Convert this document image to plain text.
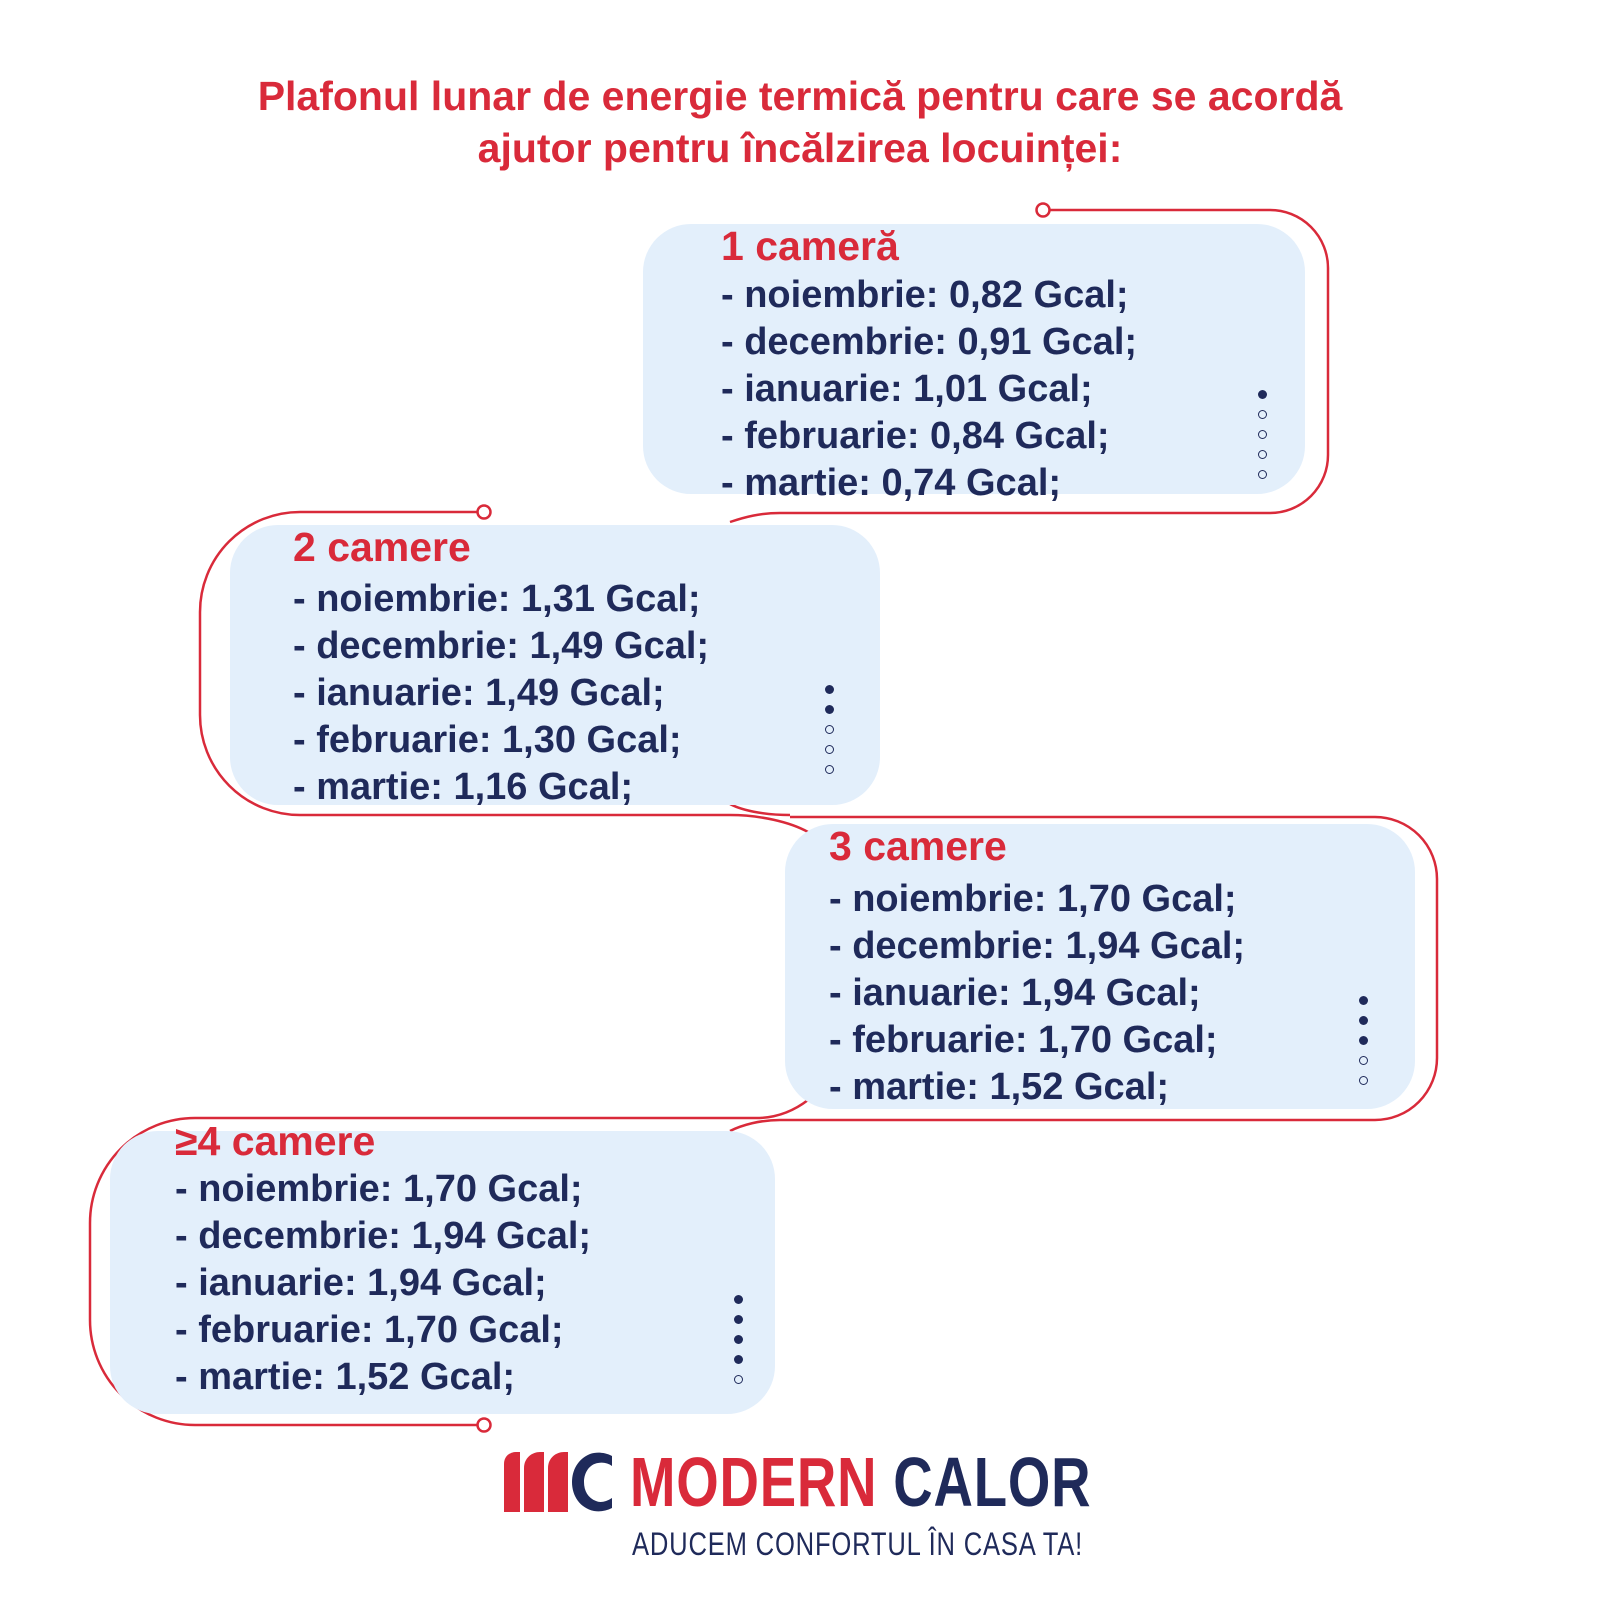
Plafonul lunar de energie termică pentru care se acordă
ajutor pentru încălzirea locuinței:
1 cameră
- noiembrie: 0,82 Gcal;
- decembrie: 0,91 Gcal;
- ianuarie: 1,01 Gcal;
- februarie: 0,84 Gcal;
- martie: 0,74 Gcal;
2 camere
- noiembrie: 1,31 Gcal;
- decembrie: 1,49 Gcal;
- ianuarie: 1,49 Gcal;
- februarie: 1,30 Gcal;
- martie: 1,16 Gcal;
3 camere
- noiembrie: 1,70 Gcal;
- decembrie: 1,94 Gcal;
- ianuarie: 1,94 Gcal;
- februarie: 1,70 Gcal;
- martie: 1,52 Gcal;
≥4 camere
- noiembrie: 1,70 Gcal;
- decembrie: 1,94 Gcal;
- ianuarie: 1,94 Gcal;
- februarie: 1,70 Gcal;
- martie: 1,52 Gcal;
MODERN CALOR
ADUCEM CONFORTUL ÎN CASA TA!
